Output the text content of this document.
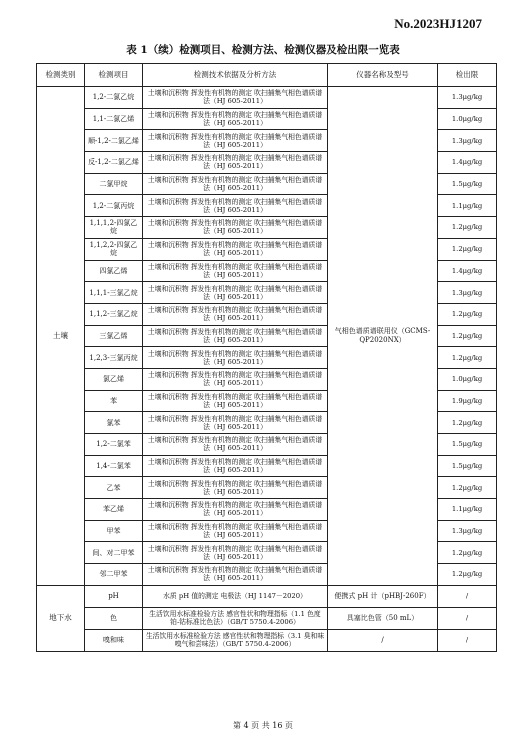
No.2023HJ1207
表 1（续）检测项目、检测方法、检测仪器及检出限一览表
检测类别	检测项目	检测技术依据及分析方法	仪器名称及型号	检出限
土壤	1,2-二氯乙烷	土壤和沉积物 挥发性有机物的测定 吹扫捕集气相色谱质谱法（HJ 605-2011）	气相色谱质谱联用仪（GCMS-QP2020NX）	1.3μg/kg
	1,1-二氯乙烯	土壤和沉积物 挥发性有机物的测定 吹扫捕集气相色谱质谱法（HJ 605-2011）		1.0μg/kg
	顺-1,2-二氯乙烯	土壤和沉积物 挥发性有机物的测定 吹扫捕集气相色谱质谱法（HJ 605-2011）		1.3μg/kg
	反-1,2-二氯乙烯	土壤和沉积物 挥发性有机物的测定 吹扫捕集气相色谱质谱法（HJ 605-2011）		1.4μg/kg
	二氯甲烷	土壤和沉积物 挥发性有机物的测定 吹扫捕集气相色谱质谱法（HJ 605-2011）		1.5μg/kg
	1,2-二氯丙烷	土壤和沉积物 挥发性有机物的测定 吹扫捕集气相色谱质谱法（HJ 605-2011）		1.1μg/kg
	1,1,1,2-四氯乙烷	土壤和沉积物 挥发性有机物的测定 吹扫捕集气相色谱质谱法（HJ 605-2011）		1.2μg/kg
	1,1,2,2-四氯乙烷	土壤和沉积物 挥发性有机物的测定 吹扫捕集气相色谱质谱法（HJ 605-2011）		1.2μg/kg
	四氯乙烯	土壤和沉积物 挥发性有机物的测定 吹扫捕集气相色谱质谱法（HJ 605-2011）		1.4μg/kg
	1,1,1-三氯乙烷	土壤和沉积物 挥发性有机物的测定 吹扫捕集气相色谱质谱法（HJ 605-2011）		1.3μg/kg
	1,1,2-三氯乙烷	土壤和沉积物 挥发性有机物的测定 吹扫捕集气相色谱质谱法（HJ 605-2011）		1.2μg/kg
	三氯乙烯	土壤和沉积物 挥发性有机物的测定 吹扫捕集气相色谱质谱法（HJ 605-2011）		1.2μg/kg
	1,2,3-三氯丙烷	土壤和沉积物 挥发性有机物的测定 吹扫捕集气相色谱质谱法（HJ 605-2011）		1.2μg/kg
	氯乙烯	土壤和沉积物 挥发性有机物的测定 吹扫捕集气相色谱质谱法（HJ 605-2011）		1.0μg/kg
	苯	土壤和沉积物 挥发性有机物的测定 吹扫捕集气相色谱质谱法（HJ 605-2011）		1.9μg/kg
	氯苯	土壤和沉积物 挥发性有机物的测定 吹扫捕集气相色谱质谱法（HJ 605-2011）		1.2μg/kg
	1,2-二氯苯	土壤和沉积物 挥发性有机物的测定 吹扫捕集气相色谱质谱法（HJ 605-2011）		1.5μg/kg
	1,4-二氯苯	土壤和沉积物 挥发性有机物的测定 吹扫捕集气相色谱质谱法（HJ 605-2011）		1.5μg/kg
	乙苯	土壤和沉积物 挥发性有机物的测定 吹扫捕集气相色谱质谱法（HJ 605-2011）		1.2μg/kg
	苯乙烯	土壤和沉积物 挥发性有机物的测定 吹扫捕集气相色谱质谱法（HJ 605-2011）		1.1μg/kg
	甲苯	土壤和沉积物 挥发性有机物的测定 吹扫捕集气相色谱质谱法（HJ 605-2011）		1.3μg/kg
	间、对二甲苯	土壤和沉积物 挥发性有机物的测定 吹扫捕集气相色谱质谱法（HJ 605-2011）		1.2μg/kg
	邻二甲苯	土壤和沉积物 挥发性有机物的测定 吹扫捕集气相色谱质谱法（HJ 605-2011）		1.2μg/kg
地下水	pH	水质 pH 值的测定 电极法（HJ 1147－2020）	便携式 pH 计（pHBJ-260F）	/
	色	生活饮用水标准检验方法 感官性状和物理指标（1.1 色度 铂-钴标准比色法）（GB/T 5750.4-2006）	具塞比色管（50 mL）	/
	嗅和味	生活饮用水标准检验方法 感官性状和物理指标（3.1 臭和味 嗅气和尝味法）（GB/T 5750.4-2006）	/	/
第 4 页 共 16 页
